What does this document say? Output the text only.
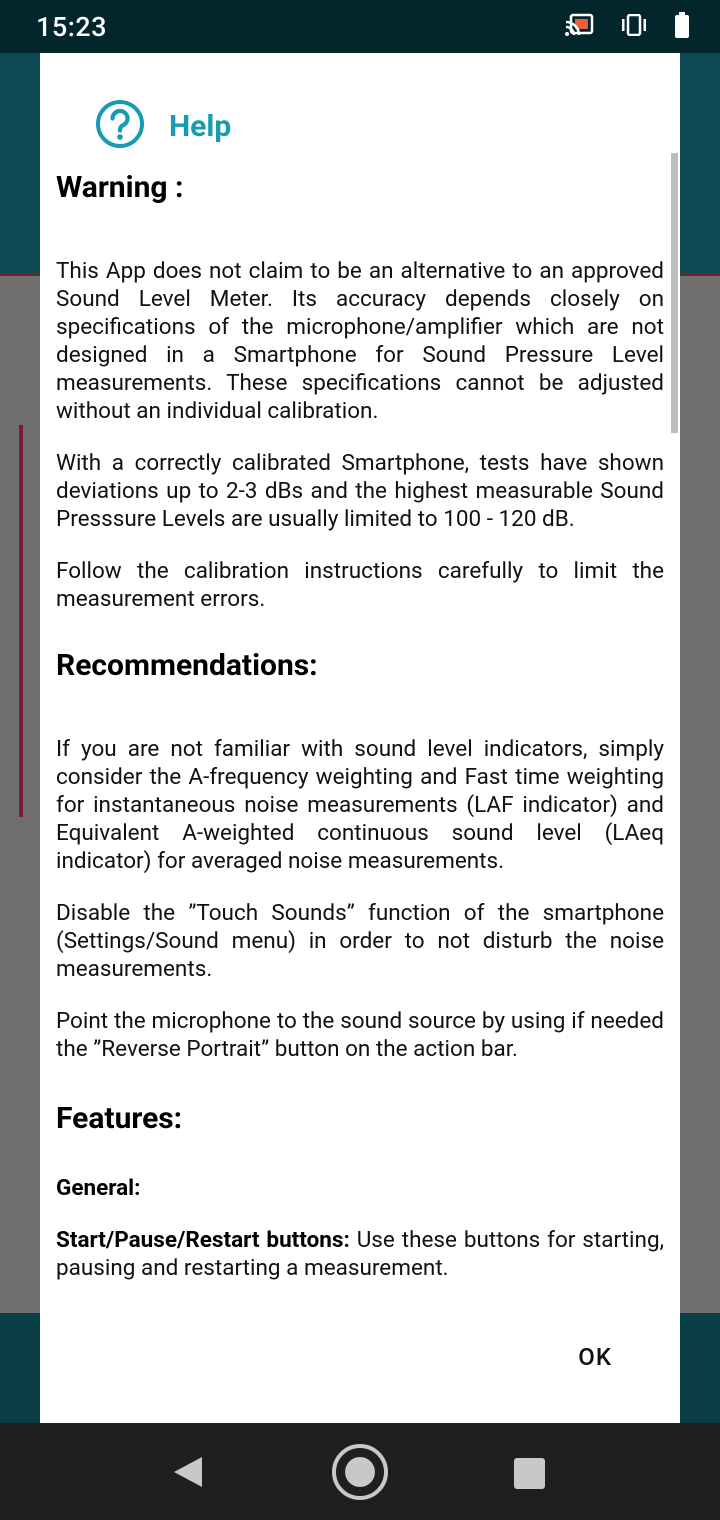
15:23
Help
Warning :

This App does not claim to be an alternative to an approved Sound Level Meter. Its accuracy depends closely on specifications of the microphone/amplifier which are not designed in a Smartphone for Sound Pressure Level measurements. These specifications cannot be adjusted without an individual calibration.

With a correctly calibrated Smartphone, tests have shown deviations up to 2-3 dBs and the highest measurable Sound Presssure Levels are usually limited to 100 - 120 dB.

Follow the calibration instructions carefully to limit the measurement errors.

Recommendations:

If you are not familiar with sound level indicators, simply consider the A-frequency weighting and Fast time weighting for instantaneous noise measurements (LAF indicator) and Equivalent A-weighted continuous sound level (LAeq indicator) for averaged noise measurements.

Disable the ”Touch Sounds” function of the smartphone (Settings/Sound menu) in order to not disturb the noise measurements.

Point the microphone to the sound source by using if needed the ”Reverse Portrait” button on the action bar.

Features:

General:

Start/Pause/Restart buttons: Use these buttons for starting, pausing and restarting a measurement.

OK
